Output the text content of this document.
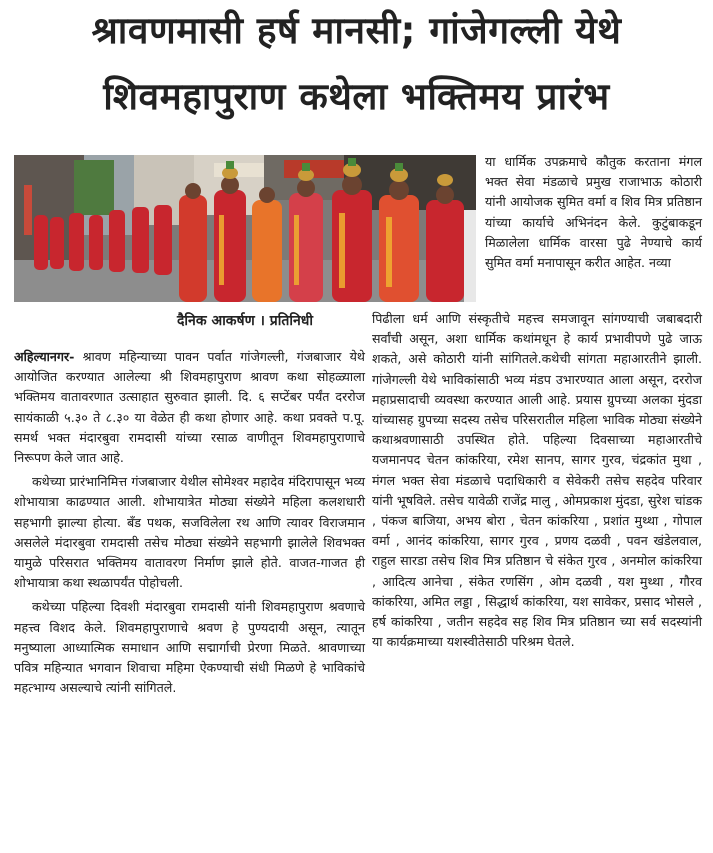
श्रावणमासी हर्ष मानसी; गांजेगल्ली येथे
शिवमहापुराण कथेला भक्तिमय प्रारंभ
दैनिक आकर्षण । प्रतिनिधी

या धार्मिक उपक्रमाचे कौतुक करताना मंगल भक्त सेवा मंडळाचे प्रमुख राजाभाऊ कोठारी यांनी आयोजक सुमित वर्मा व शिव मित्र प्रतिष्ठान यांच्या कार्याचे अभिनंदन केले. कुटुंबाकडून मिळालेला धार्मिक वारसा पुढे नेण्याचे कार्य सुमित वर्मा मनापासून करीत आहेत. नव्या

अहिल्यानगर- श्रावण महिन्याच्या पावन पर्वात गांजेगल्ली, गंजबाजार येथे आयोजित करण्यात आलेल्या श्री शिवमहापुराण श्रावण कथा सोहळ्याला भक्तिमय वातावरणात उत्साहात सुरुवात झाली. दि. ६ सप्टेंबर पर्यंत दररोज सायंकाळी ५.३० ते ८.३० या वेळेत ही कथा होणार आहे. कथा प्रवक्ते प.पू. समर्थ भक्त मंदारबुवा रामदासी यांच्या रसाळ वाणीतून शिवमहापुराणाचे निरूपण केले जात आहे.

कथेच्या प्रारंभानिमित्त गंजबाजार येथील सोमेश्वर महादेव मंदिरापासून भव्य शोभायात्रा काढण्यात आली. शोभायात्रेत मोठ्या संख्येने महिला कलशधारी सहभागी झाल्या होत्या. बँड पथक, सजविलेला रथ आणि त्यावर विराजमान असलेले मंदारबुवा रामदासी तसेच मोठ्या संख्येने सहभागी झालेले शिवभक्त यामुळे परिसरात भक्तिमय वातावरण निर्माण झाले होते. वाजत-गाजत ही शोभायात्रा कथा स्थळापर्यंत पोहोचली.

कथेच्या पहिल्या दिवशी मंदारबुवा रामदासी यांनी शिवमहापुराण श्रवणाचे महत्त्व विशद केले. शिवमहापुराणाचे श्रवण हे पुण्यदायी असून, त्यातून मनुष्याला आध्यात्मिक समाधान आणि सद्मार्गाची प्रेरणा मिळते. श्रावणाच्या पवित्र महिन्यात भगवान शिवाचा महिमा ऐकण्याची संधी मिळणे हे भाविकांचे महत्भाग्य असल्याचे त्यांनी सांगितले.

पिढीला धर्म आणि संस्कृतीचे महत्त्व समजावून सांगण्याची जबाबदारी सर्वांची असून, अशा धार्मिक कथांमधून हे कार्य प्रभावीपणे पुढे जाऊ शकते, असे कोठारी यांनी सांगितले.कथेची सांगता महाआरतीने झाली. गांजेगल्ली येथे भाविकांसाठी भव्य मंडप उभारण्यात आला असून, दररोज महाप्रसादाची व्यवस्था करण्यात आली आहे. प्रयास ग्रुपच्या अलका मुंदडा यांच्यासह ग्रुपच्या सदस्य तसेच परिसरातील महिला भाविक मोठ्या संख्येने कथाश्रवणासाठी उपस्थित होते. पहिल्या दिवसाच्या महाआरतीचे यजमानपद चेतन कांकरिया, रमेश सानप, सागर गुरव, चंद्रकांत मुथा , मंगल भक्त सेवा मंडळाचे पदाधिकारी व सेवेकरी तसेच सहदेव परिवार यांनी भूषविले. तसेच यावेळी राजेंद्र मालु , ओमप्रकाश मुंदडा, सुरेश चांडक , पंकज बाजिया, अभय बोरा , चेतन कांकरिया , प्रशांत मुथ्था , गोपाल वर्मा , आनंद कांकरिया, सागर गुरव , प्रणय दळवी , पवन खंडेलवाल, राहुल सारडा तसेच शिव मित्र प्रतिष्ठान चे संकेत गुरव , अनमोल कांकरिया , आदित्य आनेचा , संकेत रणसिंग , ओम दळवी , यश मुथ्था , गौरव कांकरिया, अमित लड्डा , सिद्धार्थ कांकरिया, यश सावेकर, प्रसाद भोसले , हर्ष कांकरिया , जतीन सहदेव सह शिव मित्र प्रतिष्ठान च्या सर्व सदस्यांनी या कार्यक्रमाच्या यशस्वीतेसाठी परिश्रम घेतले.
